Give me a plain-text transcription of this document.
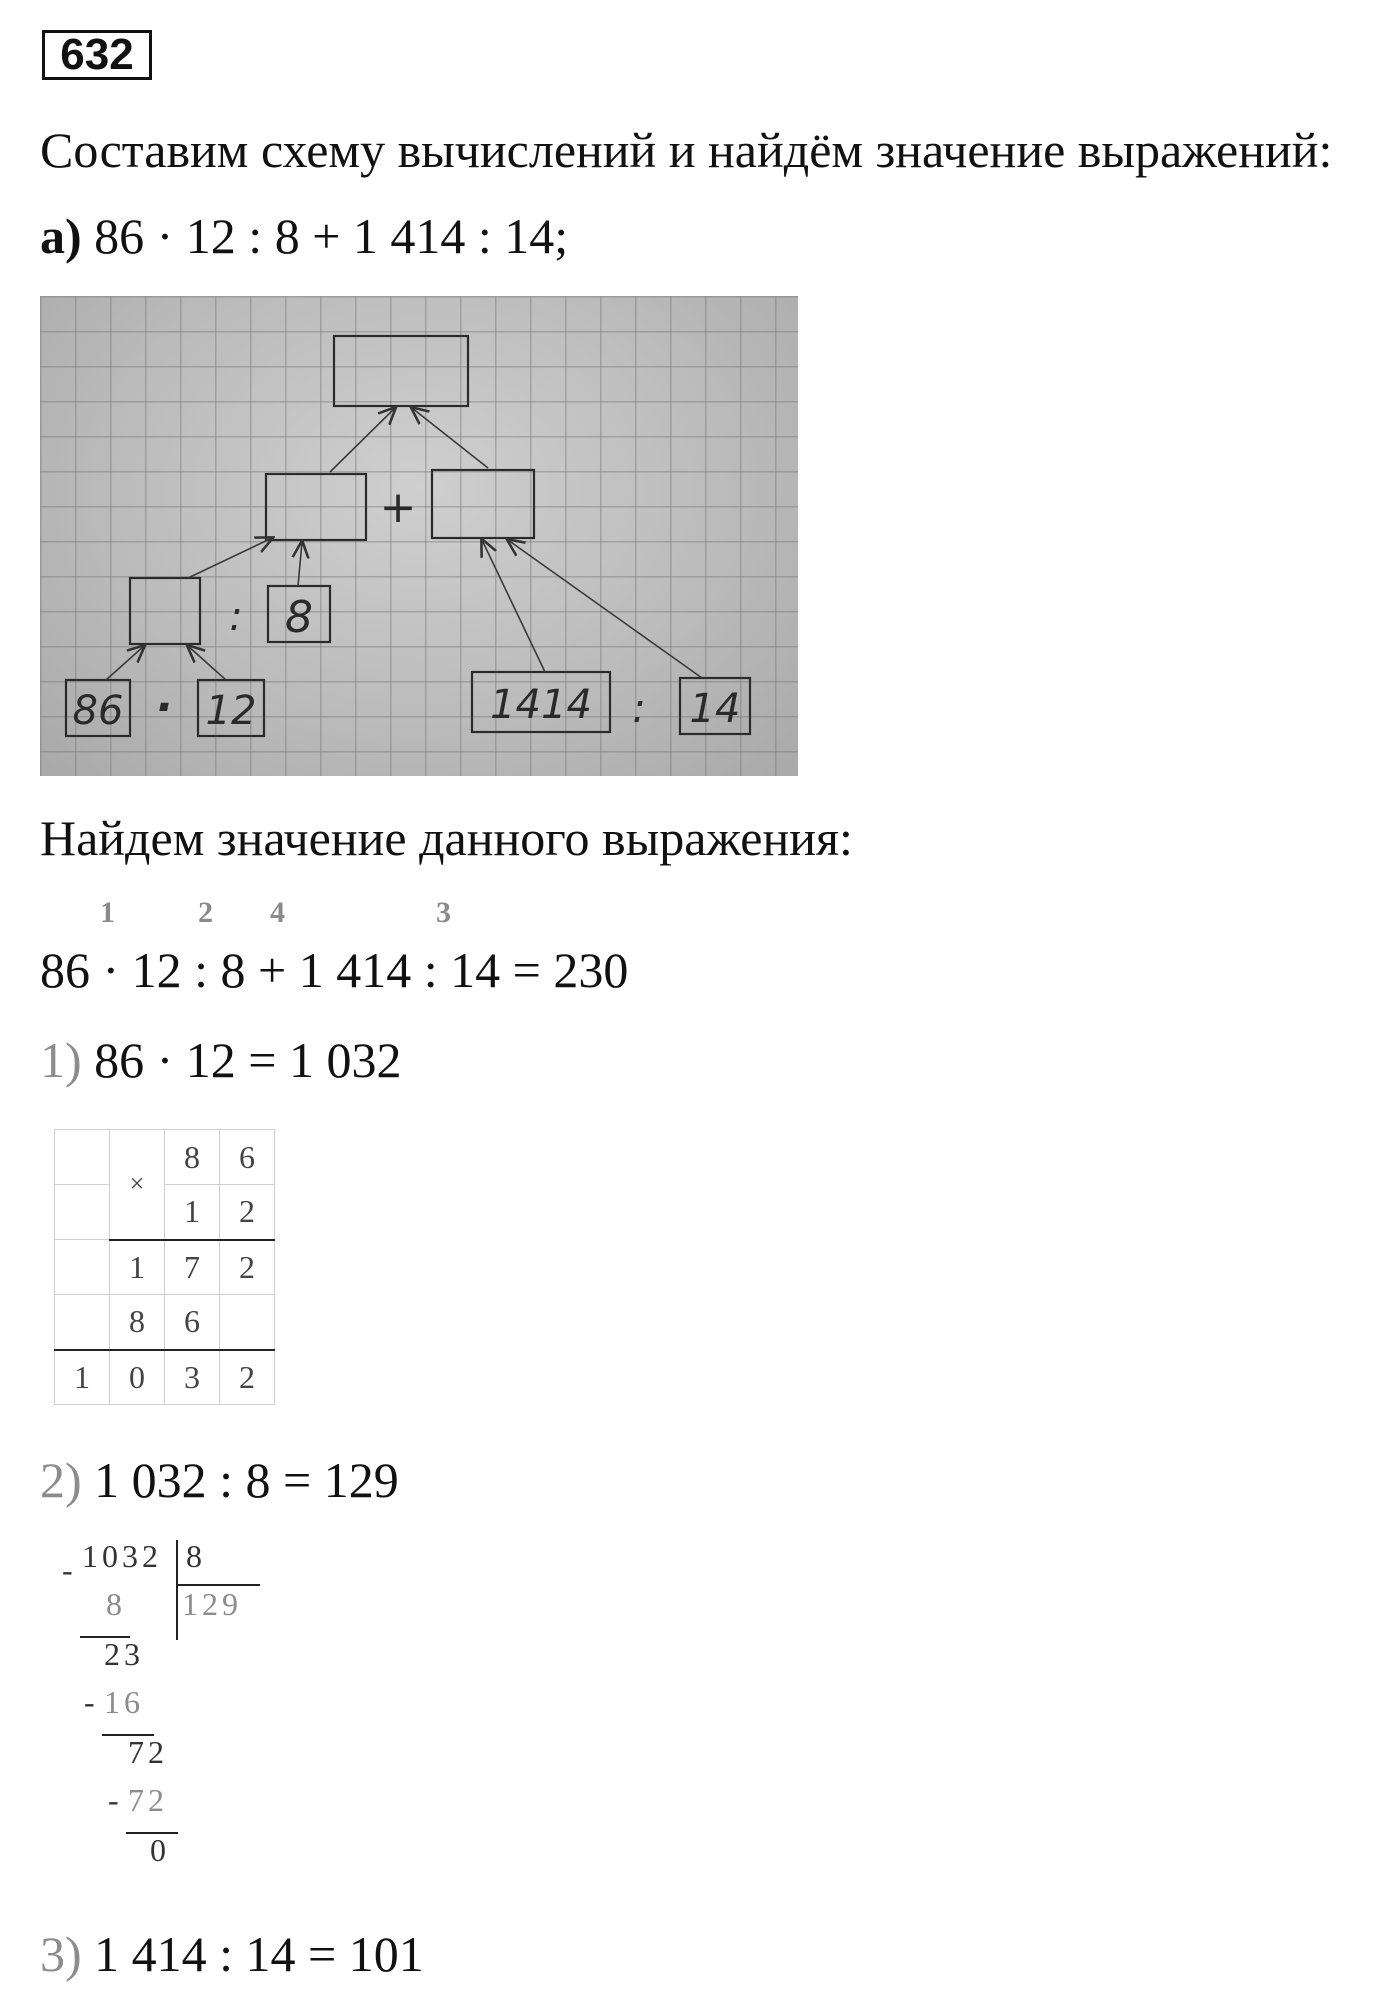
632
Составим схему вычислений и найдём значение выражений:
а) 86 · 12 : 8 + 1 414 : 14;
+
:
·	:
8
86 12	1414 14
Найдем значение данного выражения:
1	2 4	3
86 · 12 : 8 + 1 414 : 14 = 230
1) 86 · 12 = 1 032
	×	8	6
		1	2
	1	7	2
	8	6	
1	0	3	2
2) 1 032 : 8 = 129
- 1032 8
129
8
23
- 16
72
- 72
0
3) 1 414 : 14 = 101
